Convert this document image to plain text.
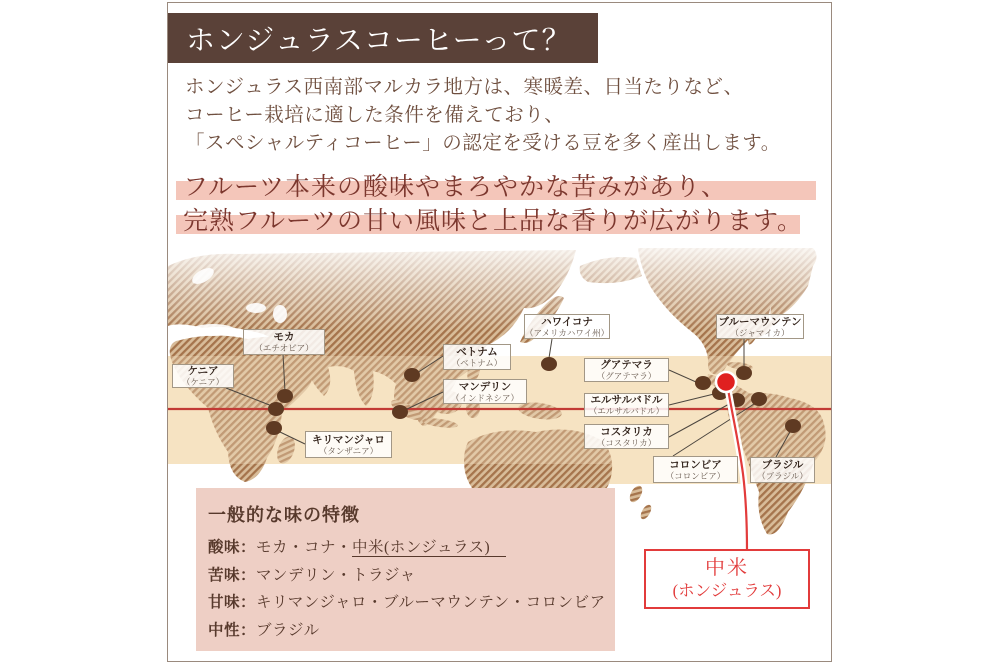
ホンジュラスコーヒーって？
ホンジュラス西南部マルカラ地方は、寒暖差、日当たりなど、
コーヒー栽培に適した条件を備えており、
「スペシャルティコーヒー」の認定を受ける豆を多く産出します。
フルーツ本来の酸味やまろやかな苦みがあり、
完熟フルーツの甘い風味と上品な香りが広がります。
モカ
（エチオピア）
ケニア
（ケニア）
キリマンジャロ
（タンザニア）
ベトナム
（ベトナム）
マンデリン
（インドネシア）
ハワイコナ
（アメリカハワイ州）
グアテマラ
（グアテマラ）
エルサルバドル
（エルサルバドル）
コスタリカ
（コスタリカ）
コロンビア
（コロンビア）
ブルーマウンテン
（ジャマイカ）
ブラジル
（ブラジル）
一般的な味の特徴
酸味：モカ・コナ・中米(ホンジュラス)
苦味：マンデリン・トラジャ
甘味：キリマンジャロ・ブルーマウンテン・コロンビア
中性：ブラジル
中米
(ホンジュラス)
